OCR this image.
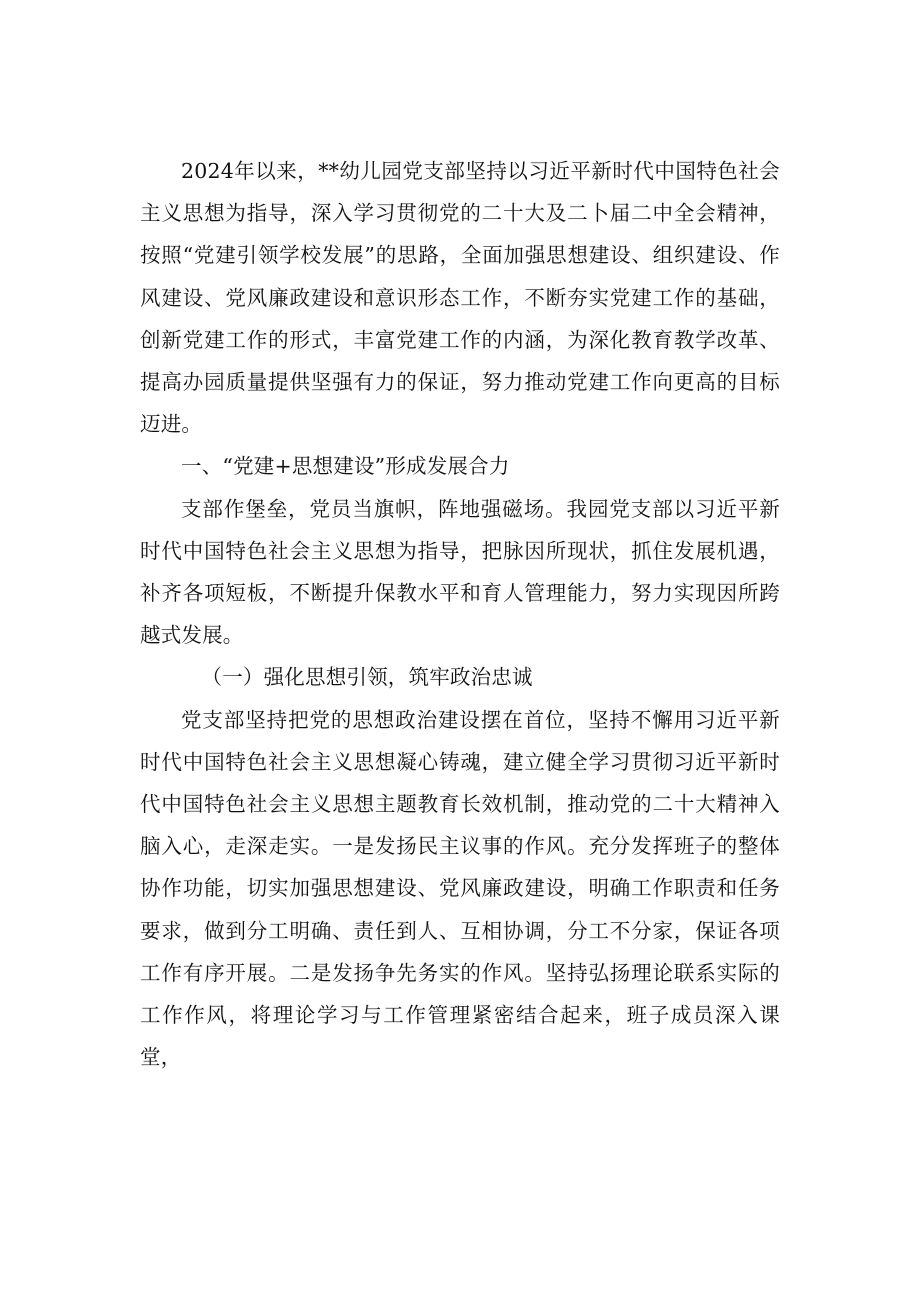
2024年以来，**幼儿园党支部坚持以习近平新时代中国特色社会主义思想为指导，深入学习贯彻党的二十大及二卜届二中全会精神，按照“党建引领学校发展”的思路，全面加强思想建设、组织建设、作风建设、党风廉政建设和意识形态工作，不断夯实党建工作的基础，创新党建工作的形式，丰富党建工作的内涵，为深化教育教学改革、提高办园质量提供坚强有力的保证，努力推动党建工作向更高的目标迈进。

一、“党建+思想建设”形成发展合力

支部作堡垒，党员当旗帜，阵地强磁场。我园党支部以习近平新时代中国特色社会主义思想为指导，把脉因所现状，抓住发展机遇，补齐各项短板，不断提升保教水平和育人管理能力，努力实现因所跨越式发展。

（一）强化思想引领，筑牢政治忠诚

党支部坚持把党的思想政治建设摆在首位，坚持不懈用习近平新时代中国特色社会主义思想凝心铸魂，建立健全学习贯彻习近平新时代中国特色社会主义思想主题教育长效机制，推动党的二十大精神入脑入心，走深走实。一是发扬民主议事的作风。充分发挥班子的整体协作功能，切实加强思想建设、党风廉政建设，明确工作职责和任务要求，做到分工明确、责任到人、互相协调，分工不分家，保证各项工作有序开展。二是发扬争先务实的作风。坚持弘扬理论联系实际的工作作风，将理论学习与工作管理紧密结合起来，班子成员深入课堂，
